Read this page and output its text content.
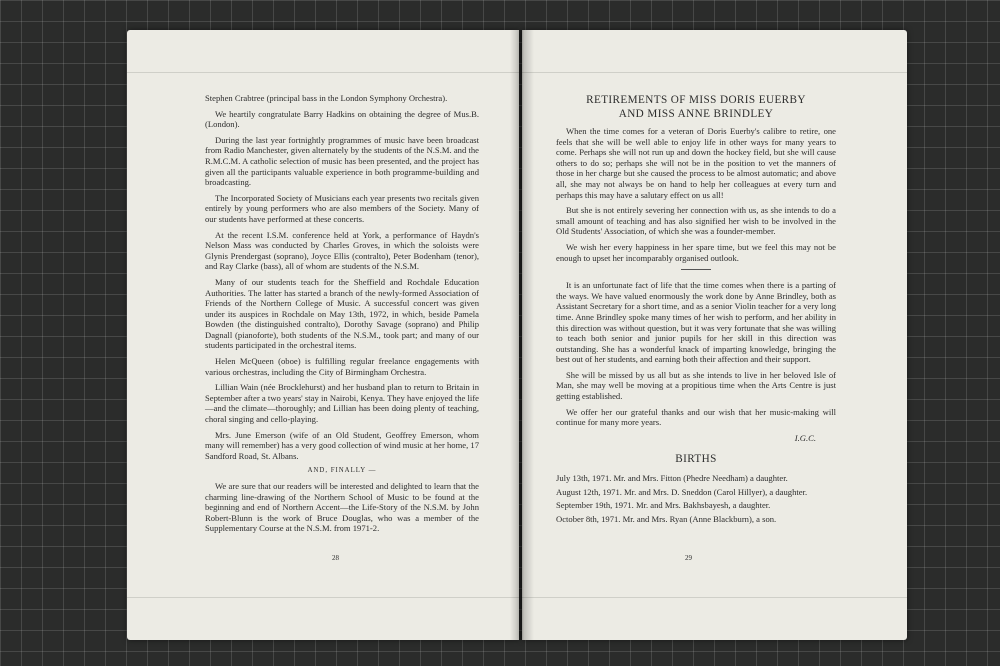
Stephen Crabtree (principal bass in the London Symphony Orchestra).

We heartily congratulate Barry Hadkins on obtaining the degree of Mus.B. (London).

During the last year fortnightly programmes of music have been broadcast from Radio Manchester, given alternately by the students of the N.S.M. and the R.M.C.M. A catholic selection of music has been presented, and the project has given all the participants valuable experience in both programme-building and broadcasting.

The Incorporated Society of Musicians each year presents two recitals given entirely by young performers who are also members of the Society. Many of our students have performed at these concerts.

At the recent I.S.M. conference held at York, a performance of Haydn's Nelson Mass was conducted by Charles Groves, in which the soloists were Glynis Prendergast (soprano), Joyce Ellis (contralto), Peter Bodenham (tenor), and Ray Clarke (bass), all of whom are students of the N.S.M.

Many of our students teach for the Sheffield and Rochdale Education Authorities. The latter has started a branch of the newly-formed Association of Friends of the Northern College of Music. A successful concert was given under its auspices in Rochdale on May 13th, 1972, in which, beside Pamela Bowden (the distinguished contralto), Dorothy Savage (soprano) and Philip Dagnall (pianoforte), both students of the N.S.M., took part; and many of our students participated in the orchestral items.

Helen McQueen (oboe) is fulfilling regular freelance engagements with various orchestras, including the City of Birmingham Orchestra.

Lillian Wain (née Brocklehurst) and her husband plan to return to Britain in September after a two years' stay in Nairobi, Kenya. They have enjoyed the life—and the climate—thoroughly; and Lillian has been doing plenty of teaching, choral singing and cello-playing.

Mrs. June Emerson (wife of an Old Student, Geoffrey Emerson, whom many will remember) has a very good collection of wind music at her home, 17 Sandford Road, St. Albans.

AND, FINALLY —

We are sure that our readers will be interested and delighted to learn that the charming line-drawing of the Northern School of Music to be found at the beginning and end of Northern Accent—the Life-Story of the N.S.M. by John Robert-Blunn is the work of Bruce Douglas, who was a member of the Supplementary Course at the N.S.M. from 1971-2.

28
RETIREMENTS OF MISS DORIS EUERBY
AND MISS ANNE BRINDLEY

When the time comes for a veteran of Doris Euerby's calibre to retire, one feels that she will be well able to enjoy life in other ways for many years to come. Perhaps she will not run up and down the hockey field, but she will cause others to do so; perhaps she will not be in the position to vet the manners of those in her charge but she caused the process to be almost automatic; and above all, she may not always be on hand to help her colleagues at every turn and perhaps this may have a salutary effect on us all!

But she is not entirely severing her connection with us, as she intends to do a small amount of teaching and has also signified her wish to be involved in the Old Students' Association, of which she was a founder-member.

We wish her every happiness in her spare time, but we feel this may not be enough to upset her incomparably organised outlook.

It is an unfortunate fact of life that the time comes when there is a parting of the ways. We have valued enormously the work done by Anne Brindley, both as Assistant Secretary for a short time, and as a senior Violin teacher for a very long time. Anne Brindley spoke many times of her wish to perform, and her ability in this direction was without question, but it was very fortunate that she was willing to teach both senior and junior pupils for her skill in this direction was outstanding. She has a wonderful knack of imparting knowledge, bringing the best out of her students, and earning both their affection and their support.

She will be missed by us all but as she intends to live in her beloved Isle of Man, she may well be moving at a propitious time when the Arts Centre is just getting established.

We offer her our grateful thanks and our wish that her music-making will continue for many more years.

I.G.C.
BIRTHS

July 13th, 1971. Mr. and Mrs. Fitton (Phedre Needham) a daughter.

August 12th, 1971. Mr. and Mrs. D. Sneddon (Carol Hillyer), a daughter.

September 19th, 1971. Mr. and Mrs. Bakhsbayesh, a daughter.

October 8th, 1971. Mr. and Mrs. Ryan (Anne Blackburn), a son.

29
